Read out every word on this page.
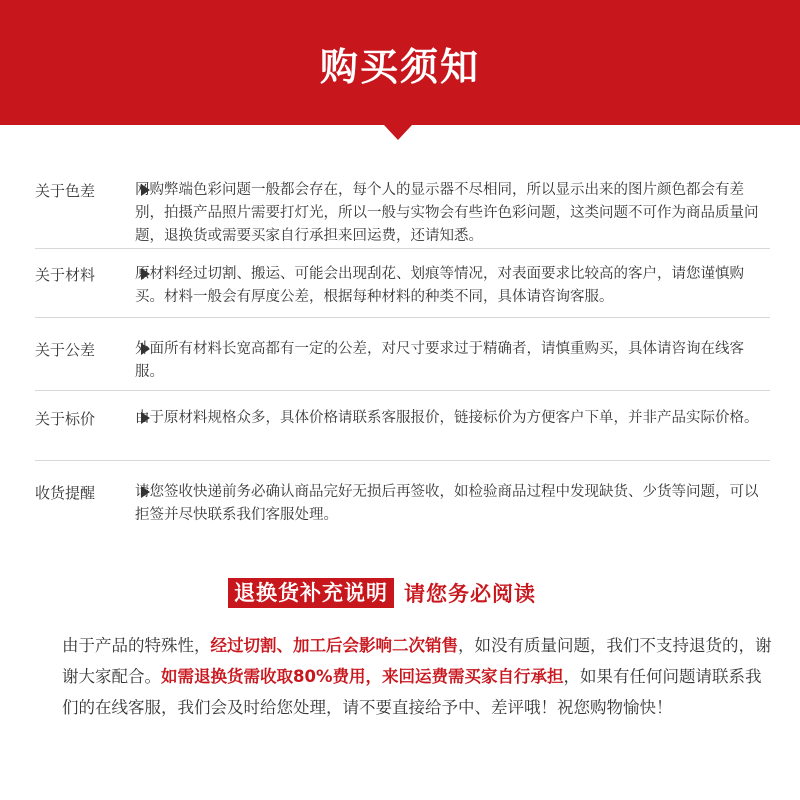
购买须知
关于色差	网购弊端色彩问题一般都会存在，每个人的显示器不尽相同，所以显示出来的图片颜色都会有差别，拍摄产品照片需要打灯光，所以一般与实物会有些许色彩问题，这类问题不可作为商品质量问题，退换货或需要买家自行承担来回运费，还请知悉。
关于材料	原材料经过切割、搬运、可能会出现刮花、划痕等情况，对表面要求比较高的客户，请您谨慎购买。材料一般会有厚度公差，根据每种材料的种类不同，具体请咨询客服。
关于公差	外面所有材料长宽高都有一定的公差，对尺寸要求过于精确者，请慎重购买，具体请咨询在线客服。
关于标价	由于原材料规格众多，具体价格请联系客服报价，链接标价为方便客户下单，并非产品实际价格。
收货提醒	请您签收快递前务必确认商品完好无损后再签收，如检验商品过程中发现缺货、少货等问题，可以拒签并尽快联系我们客服处理。
退换货补充说明 请您务必阅读
由于产品的特殊性，经过切割、加工后会影响二次销售，如没有质量问题，我们不支持退货的，谢谢大家配合。如需退换货需收取80%费用，来回运费需买家自行承担，如果有任何问题请联系我们的在线客服，我们会及时给您处理，请不要直接给予中、差评哦！祝您购物愉快！
